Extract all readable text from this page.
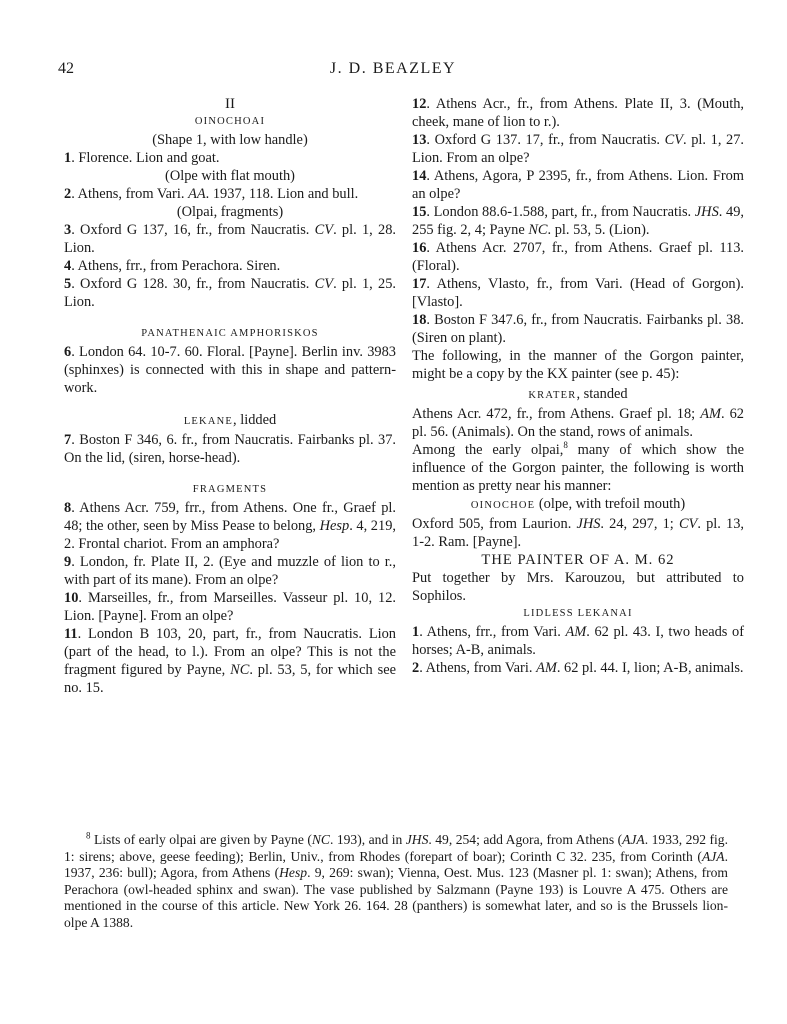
42	J. D. BEAZLEY

II

OINOCHOAI

(Shape 1, with low handle)

1. Florence. Lion and goat.

(Olpe with flat mouth)

2. Athens, from Vari. AA. 1937, 118. Lion and bull.

(Olpai, fragments)

3. Oxford G 137, 16, fr., from Naucratis. CV. pl. 1, 28. Lion.

4. Athens, frr., from Perachora. Siren.

5. Oxford G 128. 30, fr., from Naucratis. CV. pl. 1, 25. Lion.

PANATHENAIC AMPHORISKOS

6. London 64. 10-7. 60. Floral. [Payne]. Berlin inv. 3983 (sphinxes) is connected with this in shape and pattern-work.

LEKANE, lidded

7. Boston F 346, 6. fr., from Naucratis. Fairbanks pl. 37. On the lid, (siren, horse-head).

FRAGMENTS

8. Athens Acr. 759, frr., from Athens. One fr., Graef pl. 48; the other, seen by Miss Pease to belong, Hesp. 4, 219, 2. Frontal chariot. From an amphora?

9. London, fr. Plate II, 2. (Eye and muzzle of lion to r., with part of its mane). From an olpe?

10. Marseilles, fr., from Marseilles. Vasseur pl. 10, 12. Lion. [Payne]. From an olpe?

11. London B 103, 20, part, fr., from Naucratis. Lion (part of the head, to l.). From an olpe? This is not the fragment figured by Payne, NC. pl. 53, 5, for which see no. 15.

12. Athens Acr., fr., from Athens. Plate II, 3. (Mouth, cheek, mane of lion to r.).

13. Oxford G 137. 17, fr., from Naucratis. CV. pl. 1, 27. Lion. From an olpe?

14. Athens, Agora, P 2395, fr., from Athens. Lion. From an olpe?

15. London 88.6-1.588, part, fr., from Naucratis. JHS. 49, 255 fig. 2, 4; Payne NC. pl. 53, 5. (Lion).

16. Athens Acr. 2707, fr., from Athens. Graef pl. 113. (Floral).

17. Athens, Vlasto, fr., from Vari. (Head of Gorgon). [Vlasto].

18. Boston F 347.6, fr., from Naucratis. Fairbanks pl. 38. (Siren on plant).

The following, in the manner of the Gorgon painter, might be a copy by the KX painter (see p. 45):

KRATER, standed

Athens Acr. 472, fr., from Athens. Graef pl. 18; AM. 62 pl. 56. (Animals). On the stand, rows of animals.

Among the early olpai,$^8$ many of which show the influence of the Gorgon painter, the following is worth mention as pretty near his manner:

OINOCHOE (olpe, with trefoil mouth)

Oxford 505, from Laurion. JHS. 24, 297, 1; CV. pl. 13, 1-2. Ram. [Payne].

THE PAINTER OF A. M. 62

Put together by Mrs. Karouzou, but attributed to Sophilos.

LIDLESS LEKANAI

1. Athens, frr., from Vari. AM. 62 pl. 43. I, two heads of horses; A-B, animals.

2. Athens, from Vari. AM. 62 pl. 44. I, lion; A-B, animals.

$^8$ Lists of early olpai are given by Payne (NC. 193), and in JHS. 49, 254; add Agora, from Athens (AJA. 1933, 292 fig. 1: sirens; above, geese feeding); Berlin, Univ., from Rhodes (forepart of boar); Corinth C 32. 235, from Corinth (AJA. 1937, 236: bull); Agora, from Athens (Hesp. 9, 269: swan); Vienna, Oest. Mus. 123 (Masner pl. 1: swan); Athens, from Perachora (owl-headed sphinx and swan). The vase published by Salzmann (Payne 193) is Louvre A 475. Others are mentioned in the course of this article. New York 26. 164. 28 (panthers) is somewhat later, and so is the Brussels lion-olpe A 1388.
